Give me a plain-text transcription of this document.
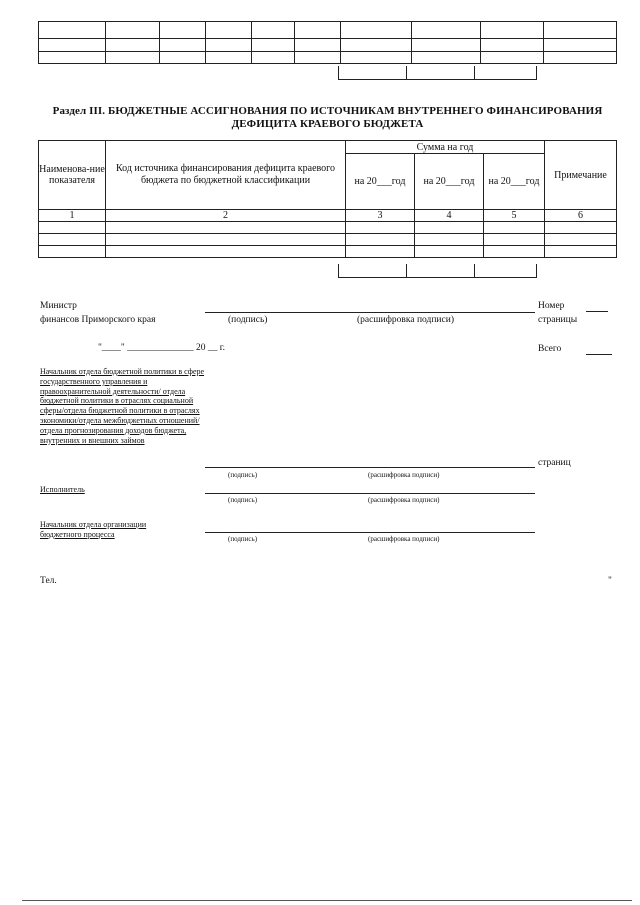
Раздел III. БЮДЖЕТНЫЕ АССИГНОВАНИЯ ПО ИСТОЧНИКАМ ВНУТРЕННЕГО ФИНАНСИРОВАНИЯ
ДЕФИЦИТА КРАЕВОГО БЮДЖЕТА
Наименова-ние показателя	Код источника финансирования дефицита краевого бюджета по бюджетной классификации	Сумма на год			Примечание
		на 20___год	на 20___год	на 20___год	
1	2	3	4	5	6

Министр
финансов Приморского края	(подпись)	(расшифровка подписи)
Номер
страницы
"____" ______________ 20 __ г.	Всего
Начальник отдела бюджетной политики в сфере государственного управления и правоохранительной деятельности/ отдела бюджетной политики в отраслях социальной сферы/отдела бюджетной политики в отраслях экономики/отдела межбюджетных отношений/отдела прогнозирования доходов бюджета, внутренних и внешних займов
(подпись)	(расшифровка подписи)
страниц
Исполнитель
(подпись)	(расшифровка подписи)
Начальник отдела организации бюджетного процесса
(подпись)	(расшифровка подписи)
Тел.	"
